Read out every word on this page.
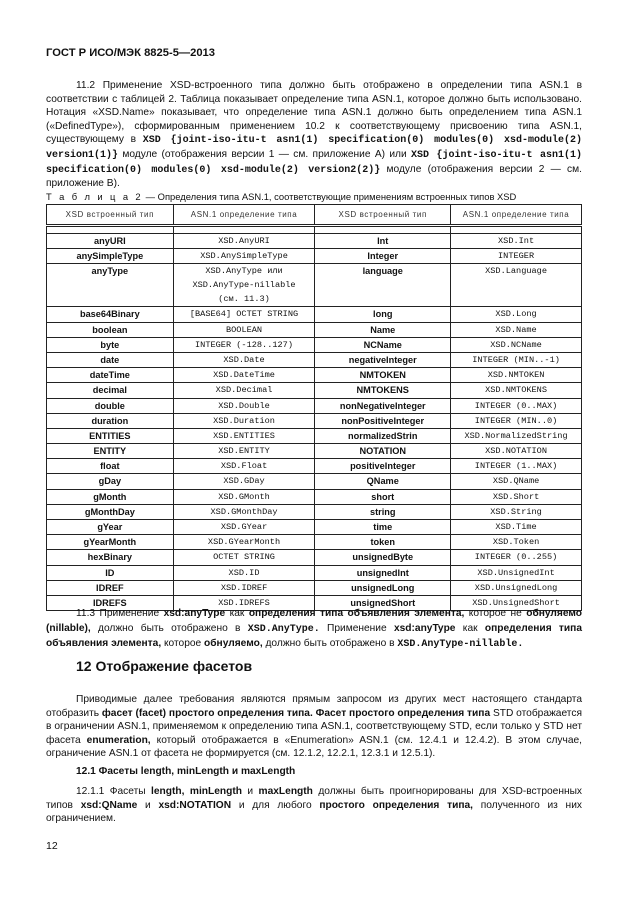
ГОСТ Р ИСО/МЭК 8825-5—2013
11.2 Применение XSD-встроенного типа должно быть отображено в определении типа ASN.1 в соответствии с таблицей 2. Таблица показывает определение типа ASN.1, которое должно быть использовано. Нотация «XSD.Name» показывает, что определение типа ASN.1 должно быть определением типа ASN.1 («DefinedType»), сформированным применением 10.2 к соответствующему присвоению типа ASN.1, существующему в XSD {joint-iso-itu-t asn1(1) specification(0) modules(0) xsd-module(2) version1(1)} модуле (отображения версии 1 — см. приложение А) или XSD {joint-iso-itu-t asn1(1) specification(0) modules(0) xsd-module(2) version2(2)} модуле (отображения версии 2 — см. приложение В).
Т а б л и ц а 2 — Определения типа ASN.1, соответствующие применениям встроенных типов XSD
XSD встроенный тип	ASN.1 определение типа	XSD встроенный тип	ASN.1 определение типа

anyURI	XSD.AnyURI	Int	XSD.Int

anySimpleType	XSD.AnySimpleType	Integer	INTEGER

anyType	XSD.AnyType или
XSD.AnyType-nillable
(см. 11.3)	language	XSD.Language

base64Binary	[BASE64] OCTET STRING	long	XSD.Long

boolean	BOOLEAN	Name	XSD.Name

byte	INTEGER (-128..127)	NCName	XSD.NCName

date	XSD.Date	negativeInteger	INTEGER (MIN..-1)

dateTime	XSD.DateTime	NMTOKEN	XSD.NMTOKEN

decimal	XSD.Decimal	NMTOKENS	XSD.NMTOKENS

double	XSD.Double	nonNegativeInteger	INTEGER (0..MAX)

duration	XSD.Duration	nonPositiveInteger	INTEGER (MIN..0)

ENTITIES	XSD.ENTITIES	normalizedStrin	XSD.NormalizedString

ENTITY	XSD.ENTITY	NOTATION	XSD.NOTATION

float	XSD.Float	positiveInteger	INTEGER (1..MAX)

gDay	XSD.GDay	QName	XSD.QName

gMonth	XSD.GMonth	short	XSD.Short

gMonthDay	XSD.GMonthDay	string	XSD.String

gYear	XSD.GYear	time	XSD.Time

gYearMonth	XSD.GYearMonth	token	XSD.Token

hexBinary	OCTET STRING	unsignedByte	INTEGER (0..255)

ID	XSD.ID	unsignedInt	XSD.UnsignedInt

IDREF	XSD.IDREF	unsignedLong	XSD.UnsignedLong

IDREFS	XSD.IDREFS	unsignedShort	XSD.UnsignedShort
11.3 Применение xsd:anyType как определения типа объявления элемента, которое не обнуляемо (nillable), должно быть отображено в XSD.AnyType. Применение xsd:anyType как определения типа объявления элемента, которое обнуляемо, должно быть отображено в XSD.AnyType-nillable.
12 Отображение фасетов
Приводимые далее требования являются прямым запросом из других мест настоящего стандарта отобразить фасет (facet) простого определения типа. Фасет простого определения типа STD отображается в ограничении ASN.1, применяемом к определению типа ASN.1, соответствующему STD, если только у STD нет фасета enumeration, который отображается в «Enumeration» ASN.1 (см. 12.4.1 и 12.4.2). В этом случае, ограничение ASN.1 от фасета не формируется (см. 12.1.2, 12.2.1, 12.3.1 и 12.5.1).
12.1 Фасеты length, minLength и maxLength
12.1.1 Фасеты length, minLength и maxLength должны быть проигнорированы для XSD-встроенных типов xsd:QName и xsd:NOTATION и для любого простого определения типа, полученного из них ограничением.
12
